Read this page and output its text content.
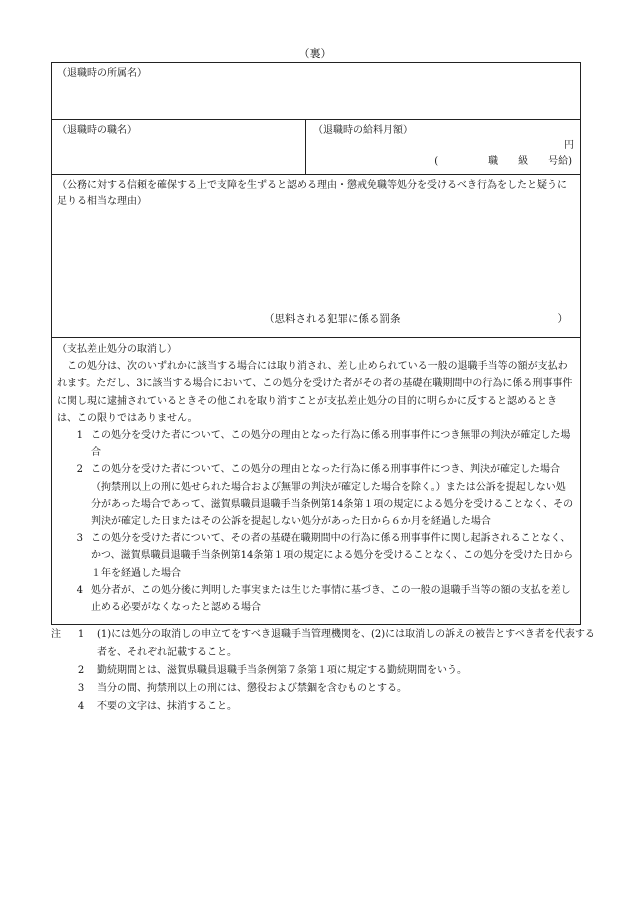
（裏）
（退職時の所属名）
（退職時の職名）	（退職時の給料月額）
円
(　　　　　職　　級　　号給)
（公務に対する信頼を確保する上で支障を生ずると認める理由・懲戒免職等処分を受けるべき行為をしたと疑うに足りる相当な理由）
（思料される犯罪に係る罰条	）

（支払差止処分の取消し）

この処分は、次のいずれかに該当する場合には取り消され、差し止められている一般の退職手当等の額が支払われます。ただし、3に該当する場合において、この処分を受けた者がその者の基礎在職期間中の行為に係る刑事事件に関し現に逮捕されているときその他これを取り消すことが支払差止処分の目的に明らかに反すると認めるときは、この限りではありません。

1 この処分を受けた者について、この処分の理由となった行為に係る刑事事件につき無罪の判決が確定した場合
2 この処分を受けた者について、この処分の理由となった行為に係る刑事事件につき、判決が確定した場合（拘禁刑以上の刑に処せられた場合および無罪の判決が確定した場合を除く。）または公訴を提起しない処分があった場合であって、滋賀県職員退職手当条例第14条第１項の規定による処分を受けることなく、その判決が確定した日またはその公訴を提起しない処分があった日から６か月を経過した場合
3 この処分を受けた者について、その者の基礎在職期間中の行為に係る刑事事件に関し起訴されることなく、かつ、滋賀県職員退職手当条例第14条第１項の規定による処分を受けることなく、この処分を受けた日から１年を経過した場合
4 処分者が、この処分後に判明した事実または生じた事情に基づき、この一般の退職手当等の額の支払を差し止める必要がなくなったと認める場合
注	1	(1)には処分の取消しの申立てをすべき退職手当管理機関を、(2)には取消しの訴えの被告とすべき者を代表する者を、それぞれ記載すること。
2	勤続期間とは、滋賀県職員退職手当条例第７条第１項に規定する勤続期間をいう。
3	当分の間、拘禁刑以上の刑には、懲役および禁錮を含むものとする。
4	不要の文字は、抹消すること。
